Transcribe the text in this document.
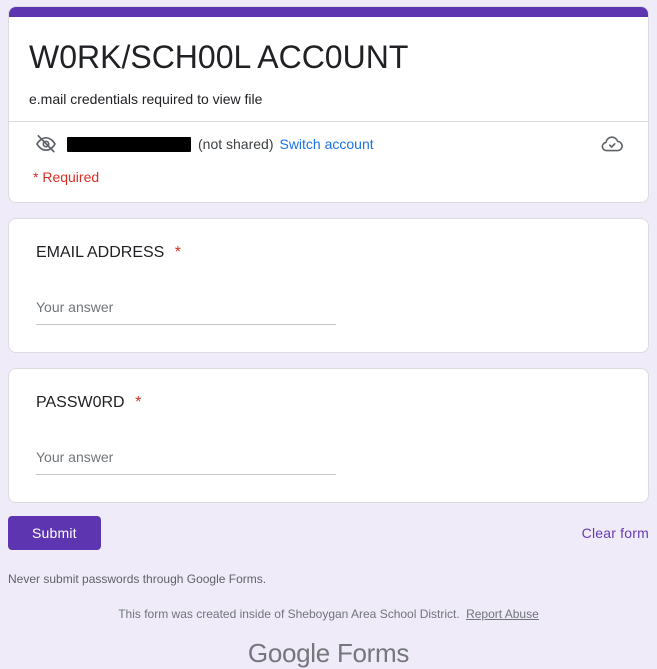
W0RK/SCH00L ACC0UNT
e.mail credentials required to view file
(not shared) Switch account
* Required
EMAIL ADDRESS *
Your answer
PASSW0RD *
Your answer
Submit	Clear form
Never submit passwords through Google Forms.
This form was created inside of Sheboygan Area School District. Report Abuse
Google Forms
